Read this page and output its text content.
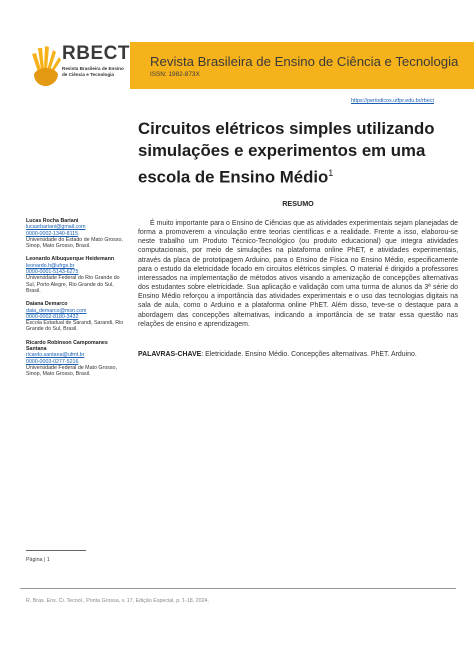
RBECT
Revista Brasileira de Ensino de Ciência e Tecnologia
Revista Brasileira de Ensino de Ciência e Tecnologia
ISSN: 1982-873X
https://periodicos.utfpr.edu.br/rbect
Circuitos elétricos simples utilizando simulações e experimentos em uma escola de Ensino Médio$^1$
Lucas Rocha Bariani
lucasrbariani@gmail.com
0000-0002-1340-8115
Universidade do Estado de Mato Grosso, Sinop, Mato Grosso, Brasil.
Leonardo Albuquerque Heidemann
leonardo.h@ufrgs.br
0000-0001-5143-6275
Universidade Federal do Rio Grande do Sul, Porto Alegre, Rio Grande do Sul, Brasil.
Daiana Demarco
daia_demarco@msn.com
0000-0002-8180-3432
Escola Estadual de Sarandi, Sarandi, Rio Grande do Sul, Brasil.
Ricardo Robinson Campomanes Santana
ricardo.santana@ufmt.br
0000-0003-0277-5216
Universidade Federal de Mato Grosso, Sinop, Mato Grosso, Brasil.
RESUMO

É muito importante para o Ensino de Ciências que as atividades experimentais sejam planejadas de forma a promoverem a vinculação entre teorias científicas e a realidade. Frente a isso, elaborou-se neste trabalho um Produto Técnico-Tecnológico (ou produto educacional) que integra atividades computacionais, por meio de simulações na plataforma online PhET, e atividades experimentais, através da placa de prototipagem Arduino, para o Ensino de Física no Ensino Médio, especificamente para o estudo da eletricidade focado em circuitos elétricos simples. O material é dirigido a professores interessados na implementação de métodos ativos visando a amenização de concepções alternativas dos estudantes sobre eletricidade. Sua aplicação e validação com uma turma de alunos da 3ª série do Ensino Médio reforçou a importância das atividades experimentais e o uso das tecnologias digitais na sala de aula, como o Arduino e a plataforma online PhET. Além disso, teve-se o destaque para a abordagem das concepções alternativas, indicando a importância de se tratar essa questão nas relações de ensino e aprendizagem.

PALAVRAS-CHAVE: Eletricidade. Ensino Médio. Concepções alternativas. PhET. Arduino.
Página | 1
R. Bras. Ens. Ci. Tecnol., Ponta Grossa, v. 17, Edição Especial, p. 1-18, 2024.
